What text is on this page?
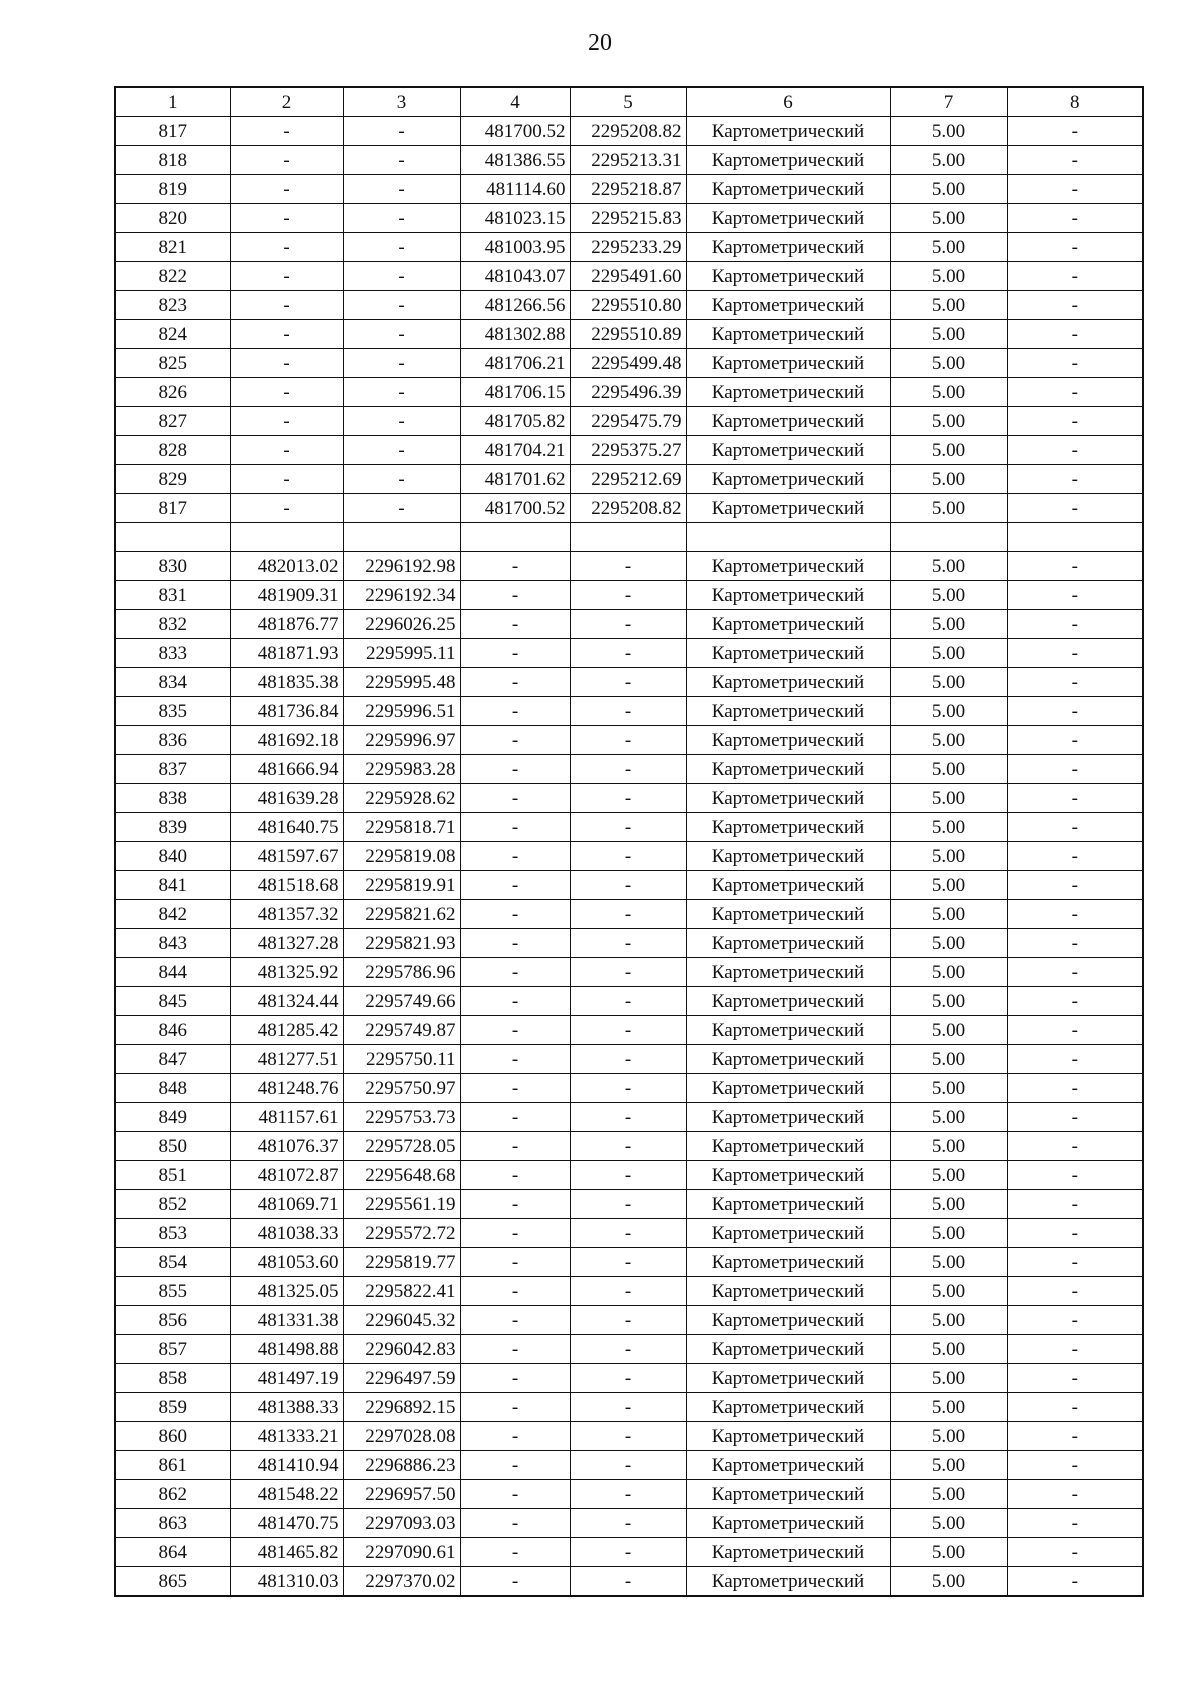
20
1	2	3	4	5	6	7	8
817	-	-	481700.52	2295208.82	Картометрический	5.00	-
818	-	-	481386.55	2295213.31	Картометрический	5.00	-
819	-	-	481114.60	2295218.87	Картометрический	5.00	-
820	-	-	481023.15	2295215.83	Картометрический	5.00	-
821	-	-	481003.95	2295233.29	Картометрический	5.00	-
822	-	-	481043.07	2295491.60	Картометрический	5.00	-
823	-	-	481266.56	2295510.80	Картометрический	5.00	-
824	-	-	481302.88	2295510.89	Картометрический	5.00	-
825	-	-	481706.21	2295499.48	Картометрический	5.00	-
826	-	-	481706.15	2295496.39	Картометрический	5.00	-
827	-	-	481705.82	2295475.79	Картометрический	5.00	-
828	-	-	481704.21	2295375.27	Картометрический	5.00	-
829	-	-	481701.62	2295212.69	Картометрический	5.00	-
817	-	-	481700.52	2295208.82	Картометрический	5.00	-

830	482013.02	2296192.98	-	-	Картометрический	5.00	-
831	481909.31	2296192.34	-	-	Картометрический	5.00	-
832	481876.77	2296026.25	-	-	Картометрический	5.00	-
833	481871.93	2295995.11	-	-	Картометрический	5.00	-
834	481835.38	2295995.48	-	-	Картометрический	5.00	-
835	481736.84	2295996.51	-	-	Картометрический	5.00	-
836	481692.18	2295996.97	-	-	Картометрический	5.00	-
837	481666.94	2295983.28	-	-	Картометрический	5.00	-
838	481639.28	2295928.62	-	-	Картометрический	5.00	-
839	481640.75	2295818.71	-	-	Картометрический	5.00	-
840	481597.67	2295819.08	-	-	Картометрический	5.00	-
841	481518.68	2295819.91	-	-	Картометрический	5.00	-
842	481357.32	2295821.62	-	-	Картометрический	5.00	-
843	481327.28	2295821.93	-	-	Картометрический	5.00	-
844	481325.92	2295786.96	-	-	Картометрический	5.00	-
845	481324.44	2295749.66	-	-	Картометрический	5.00	-
846	481285.42	2295749.87	-	-	Картометрический	5.00	-
847	481277.51	2295750.11	-	-	Картометрический	5.00	-
848	481248.76	2295750.97	-	-	Картометрический	5.00	-
849	481157.61	2295753.73	-	-	Картометрический	5.00	-
850	481076.37	2295728.05	-	-	Картометрический	5.00	-
851	481072.87	2295648.68	-	-	Картометрический	5.00	-
852	481069.71	2295561.19	-	-	Картометрический	5.00	-
853	481038.33	2295572.72	-	-	Картометрический	5.00	-
854	481053.60	2295819.77	-	-	Картометрический	5.00	-
855	481325.05	2295822.41	-	-	Картометрический	5.00	-
856	481331.38	2296045.32	-	-	Картометрический	5.00	-
857	481498.88	2296042.83	-	-	Картометрический	5.00	-
858	481497.19	2296497.59	-	-	Картометрический	5.00	-
859	481388.33	2296892.15	-	-	Картометрический	5.00	-
860	481333.21	2297028.08	-	-	Картометрический	5.00	-
861	481410.94	2296886.23	-	-	Картометрический	5.00	-
862	481548.22	2296957.50	-	-	Картометрический	5.00	-
863	481470.75	2297093.03	-	-	Картометрический	5.00	-
864	481465.82	2297090.61	-	-	Картометрический	5.00	-
865	481310.03	2297370.02	-	-	Картометрический	5.00	-
